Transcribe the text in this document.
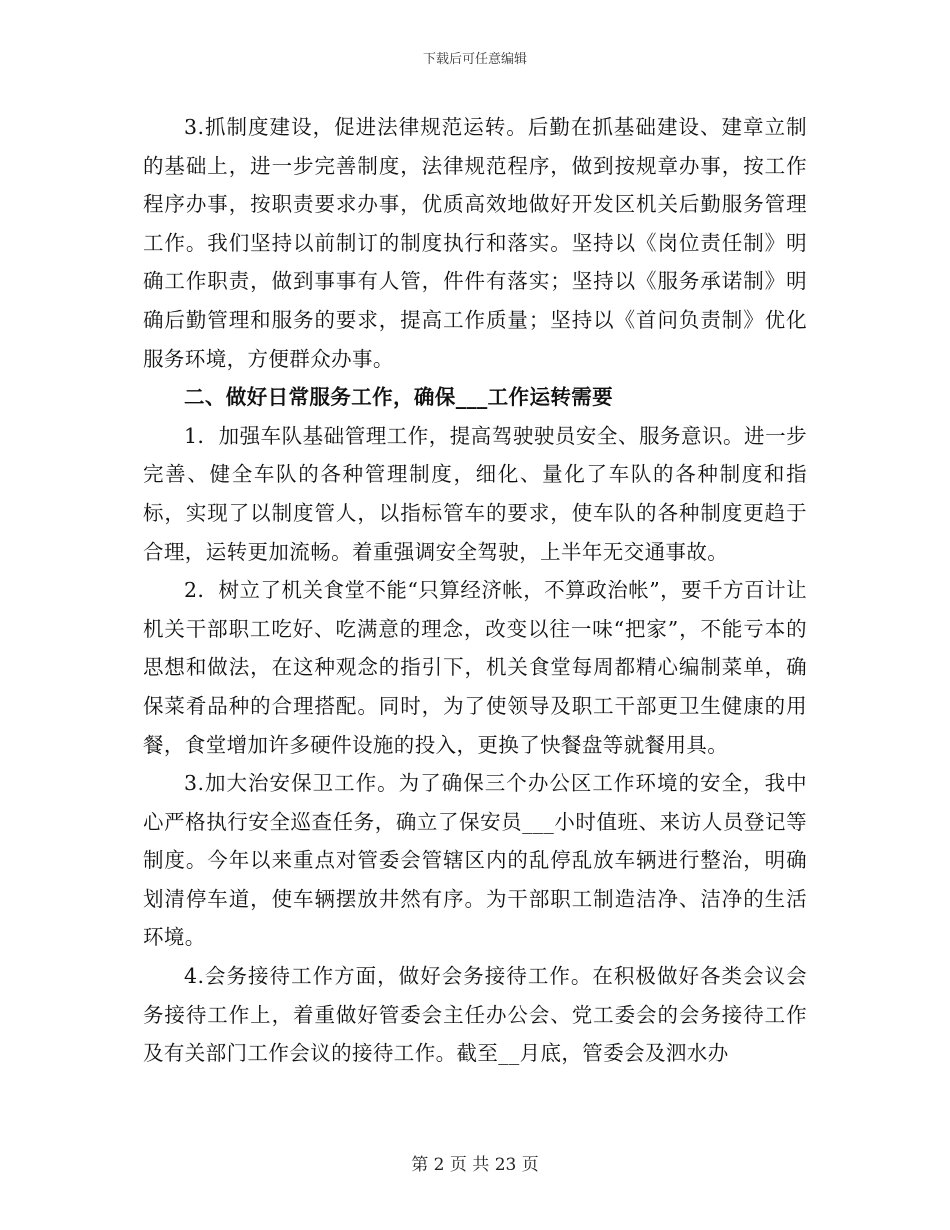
下载后可任意编辑

3.抓制度建设，促进法律规范运转。后勤在抓基础建设、建章立制的基础上，进一步完善制度，法律规范程序，做到按规章办事，按工作程序办事，按职责要求办事，优质高效地做好开发区机关后勤服务管理工作。我们坚持以前制订的制度执行和落实。坚持以《岗位责任制》明确工作职责，做到事事有人管，件件有落实；坚持以《服务承诺制》明确后勤管理和服务的要求，提高工作质量；坚持以《首问负责制》优化服务环境，方便群众办事。

二、做好日常服务工作，确保___工作运转需要

1．加强车队基础管理工作，提高驾驶驶员安全、服务意识。进一步完善、健全车队的各种管理制度，细化、量化了车队的各种制度和指标，实现了以制度管人，以指标管车的要求，使车队的各种制度更趋于合理，运转更加流畅。着重强调安全驾驶，上半年无交通事故。

2．树立了机关食堂不能“只算经济帐，不算政治帐”，要千方百计让机关干部职工吃好、吃满意的理念，改变以往一味“把家”，不能亏本的思想和做法，在这种观念的指引下，机关食堂每周都精心编制菜单，确保菜肴品种的合理搭配。同时，为了使领导及职工干部更卫生健康的用餐，食堂增加许多硬件设施的投入，更换了快餐盘等就餐用具。

3.加大治安保卫工作。为了确保三个办公区工作环境的安全，我中心严格执行安全巡查任务，确立了保安员___小时值班、来访人员登记等制度。今年以来重点对管委会管辖区内的乱停乱放车辆进行整治，明确划清停车道，使车辆摆放井然有序。为干部职工制造洁净、洁净的生活环境。

4.会务接待工作方面，做好会务接待工作。在积极做好各类会议会务接待工作上，着重做好管委会主任办公会、党工委会的会务接待工作及有关部门工作会议的接待工作。截至__月底，管委会及泗水办

第 2 页 共 23 页
